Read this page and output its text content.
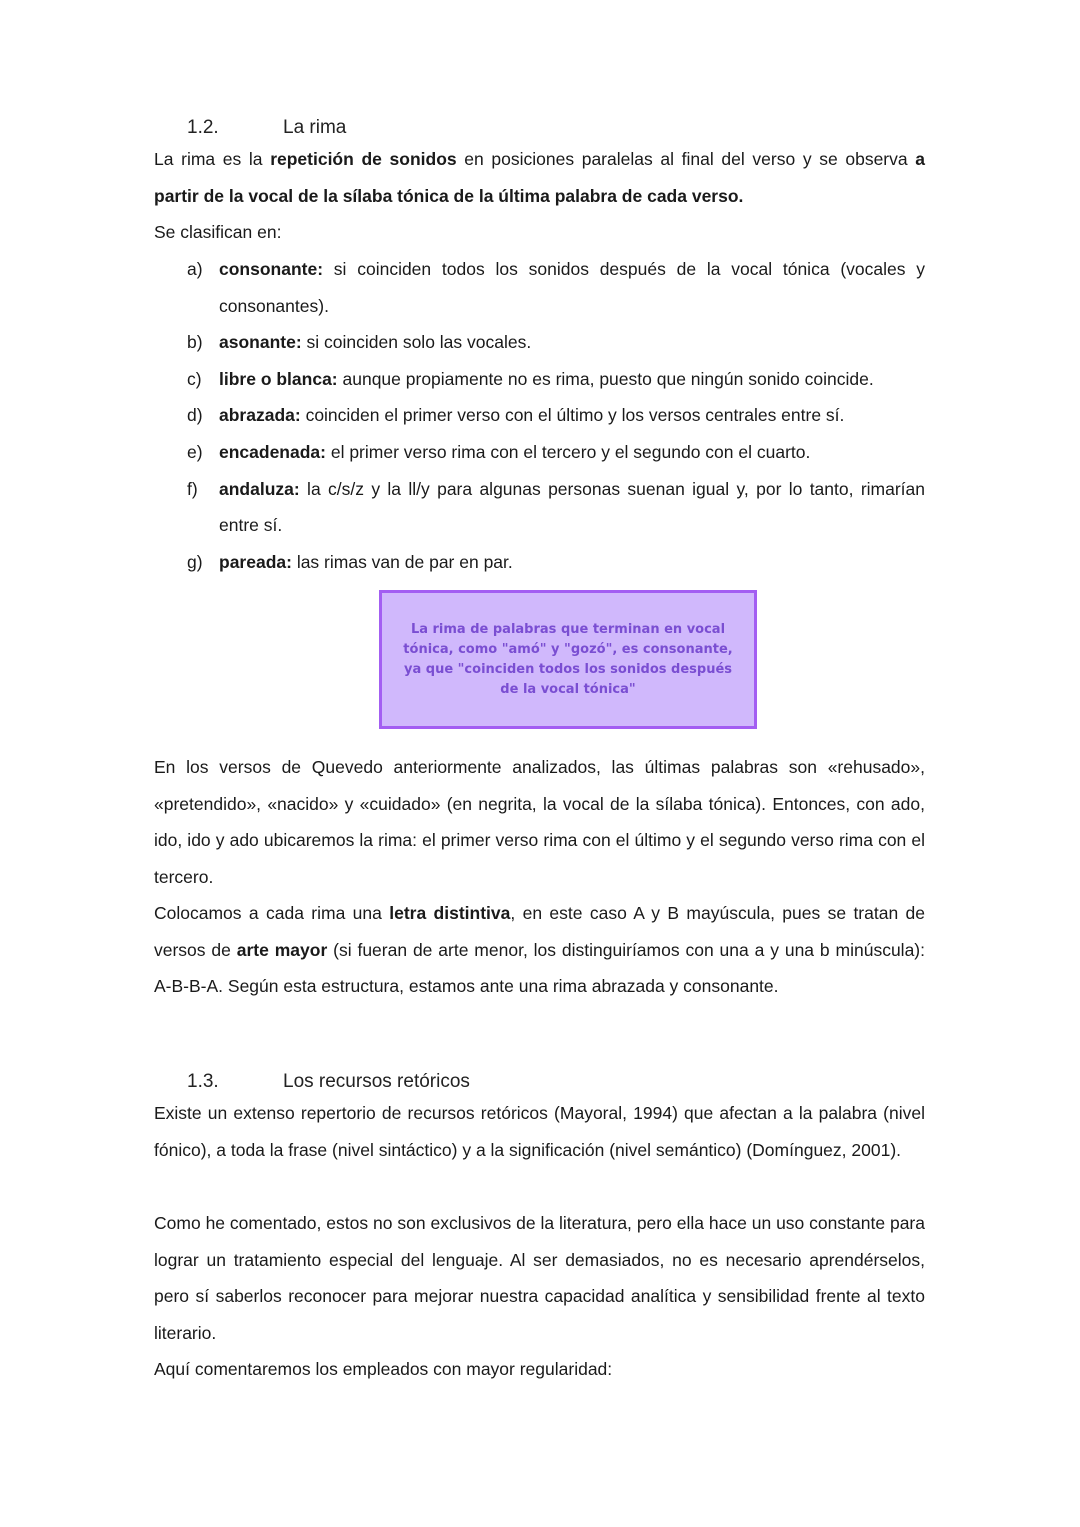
1.2.	La rima

La rima es la repetición de sonidos en posiciones paralelas al final del verso y se observa a partir de la vocal de la sílaba tónica de la última palabra de cada verso.

Se clasifican en:

a) consonante: si coinciden todos los sonidos después de la vocal tónica (vocales y consonantes).
b) asonante: si coinciden solo las vocales.
c) libre o blanca: aunque propiamente no es rima, puesto que ningún sonido coincide.
d) abrazada: coinciden el primer verso con el último y los versos centrales entre sí.
e) encadenada: el primer verso rima con el tercero y el segundo con el cuarto.
f)	andaluza: la c/s/z y la ll/y para algunas personas suenan igual y, por lo tanto, rimarían entre sí.
g) pareada: las rimas van de par en par.

La rima de palabras que terminan en vocal tónica, como "amó" y "gozó", es consonante, ya que "coinciden todos los sonidos después de la vocal tónica"

En los versos de Quevedo anteriormente analizados, las últimas palabras son «rehusado», «pretendido», «nacido» y «cuidado» (en negrita, la vocal de la sílaba tónica). Entonces, con ado, ido, ido y ado ubicaremos la rima: el primer verso rima con el último y el segundo verso rima con el tercero.

Colocamos a cada rima una letra distintiva, en este caso A y B mayúscula, pues se tratan de versos de arte mayor (si fueran de arte menor, los distinguiríamos con una a y una b minúscula): A-B-B-A. Según esta estructura, estamos ante una rima abrazada y consonante.

1.3.	Los recursos retóricos

Existe un extenso repertorio de recursos retóricos (Mayoral, 1994) que afectan a la palabra (nivel fónico), a toda la frase (nivel sintáctico) y a la significación (nivel semántico) (Domínguez, 2001).

Como he comentado, estos no son exclusivos de la literatura, pero ella hace un uso constante para lograr un tratamiento especial del lenguaje. Al ser demasiados, no es necesario aprendérselos, pero sí saberlos reconocer para mejorar nuestra capacidad analítica y sensibilidad frente al texto literario.

Aquí comentaremos los empleados con mayor regularidad:
